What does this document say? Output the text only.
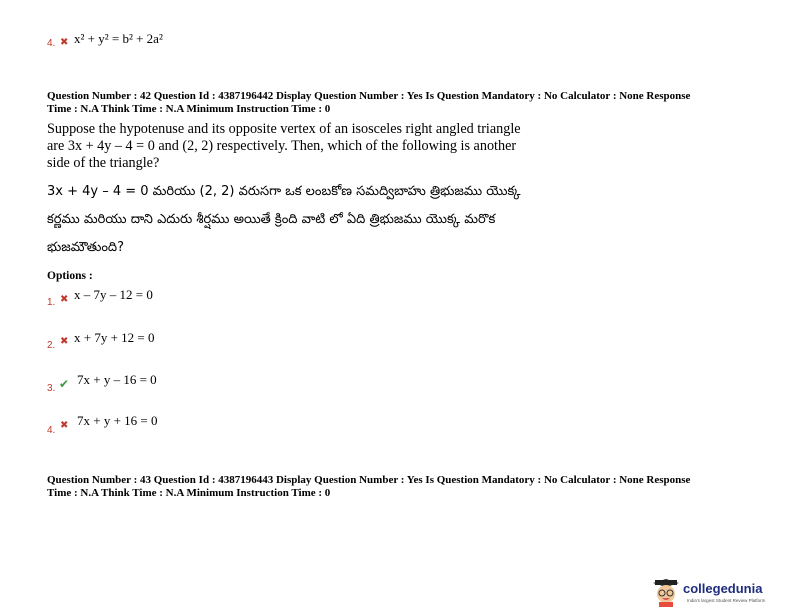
4. ✖ x² + y² = b² + 2a²
Question Number : 42 Question Id : 4387196442 Display Question Number : Yes Is Question Mandatory : No Calculator : None Response
Time : N.A Think Time : N.A Minimum Instruction Time : 0
Suppose the hypotenuse and its opposite vertex of an isosceles right angled triangle
are 3x + 4y – 4 = 0 and (2, 2) respectively. Then, which of the following is another
side of the triangle?
3x + 4y – 4 = 0 మరియు (2, 2) వరుసగా ఒక లంబకోణ సమద్విబాహు త్రిభుజము యొక్క
కర్ణము మరియు దాని ఎదురు శీర్షము అయితే క్రింది వాటి లో ఏది త్రిభుజము యొక్క మరొక
భుజమౌతుంది?
Options :
1. ✖ x – 7y – 12 = 0
2. ✖ x + 7y + 12 = 0
3. ✔ 7x + y – 16 = 0
4. ✖ 7x + y + 16 = 0
Question Number : 43 Question Id : 4387196443 Display Question Number : Yes Is Question Mandatory : No Calculator : None Response
Time : N.A Think Time : N.A Minimum Instruction Time : 0
collegedunia
India's largest Student Review Platform
